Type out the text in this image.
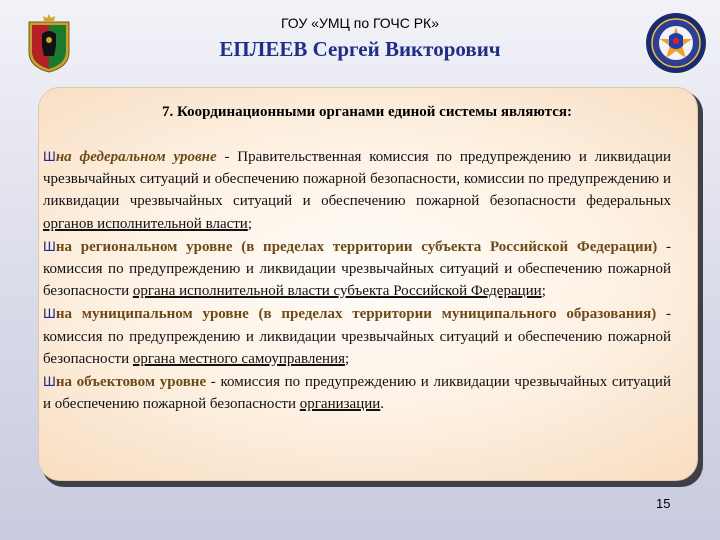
ГОУ «УМЦ по ГОЧС РК»
ЕПЛЕЕВ Сергей Викторович
7. Координационными органами единой системы являются:

Шна федеральном уровне - Правительственная комиссия по предупреждению и ликвидации чрезвычайных ситуаций и обеспечению пожарной безопасности, комиссии по предупреждению и ликвидации чрезвычайных ситуаций и обеспечению пожарной безопасности федеральных органов исполнительной власти;

Шна региональном уровне (в пределах территории субъекта Российской Федерации) - комиссия по предупреждению и ликвидации чрезвычайных ситуаций и обеспечению пожарной безопасности органа исполнительной власти субъекта Российской Федерации;

Шна муниципальном уровне (в пределах территории муниципального образования) - комиссия по предупреждению и ликвидации чрезвычайных ситуаций и обеспечению пожарной безопасности органа местного самоуправления;

Шна объектовом уровне - комиссия по предупреждению и ликвидации чрезвычайных ситуаций и обеспечению пожарной безопасности организации.

15
